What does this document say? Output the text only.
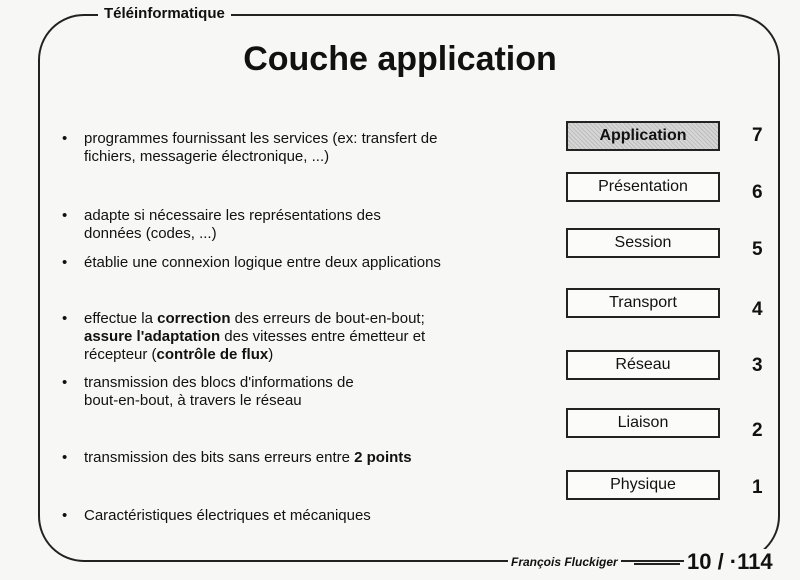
Téléinformatique
Couche application
• programmes fournissant les services (ex: transfert de
fichiers, messagerie électronique, ...)
• adapte si nécessaire les représentations des
données (codes, ...)
• établie une connexion logique entre deux applications
• effectue la correction des erreurs de bout-en-bout;
assure l'adaptation des vitesses entre émetteur et
récepteur (contrôle de flux)
• transmission des blocs d'informations de
bout-en-bout, à travers le réseau
• transmission des bits sans erreurs entre 2 points
• Caractéristiques électriques et mécaniques
Application	7
Présentation	6
Session	5
Transport	4
Réseau	3
Liaison	2
Physique	1
François Fluckiger	10 / ·114
